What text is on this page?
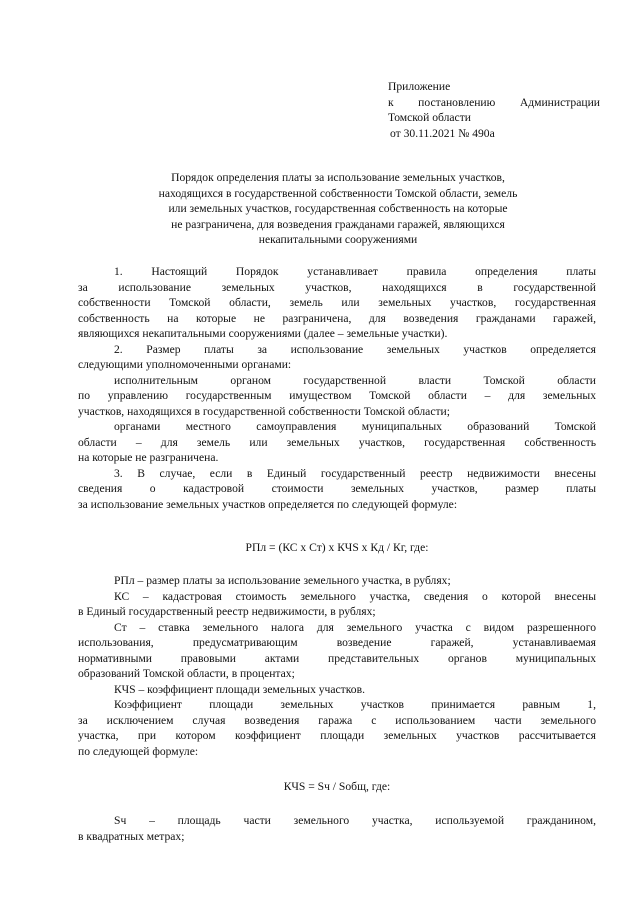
Приложение
к постановлению Администрации
Томской области
от 30.11.2021 № 490а
Порядок определения платы за использование земельных участков,
находящихся в государственной собственности Томской области, земель
или земельных участков, государственная собственность на которые
не разграничена, для возведения гражданами гаражей, являющихся
некапитальными сооружениями
1. Настоящий Порядок устанавливает правила определения платы
за использование земельных участков, находящихся в государственной
собственности Томской области, земель или земельных участков, государственная
собственность на которые не разграничена, для возведения гражданами гаражей,
являющихся некапитальными сооружениями (далее – земельные участки).
2. Размер платы за использование земельных участков определяется
следующими уполномоченными органами:
исполнительным органом государственной власти Томской области
по управлению государственным имуществом Томской области – для земельных
участков, находящихся в государственной собственности Томской области;
органами местного самоуправления муниципальных образований Томской
области – для земель или земельных участков, государственная собственность
на которые не разграничена.
3. В случае, если в Единый государственный реестр недвижимости внесены
сведения о кадастровой стоимости земельных участков, размер платы
за использование земельных участков определяется по следующей формуле:
РПл = (КС х Ст) х КЧS х Кд / Кг, где:
РПл – размер платы за использование земельного участка, в рублях;
КС – кадастровая стоимость земельного участка, сведения о которой внесены
в Единый государственный реестр недвижимости, в рублях;
Ст – ставка земельного налога для земельного участка с видом разрешенного
использования, предусматривающим возведение гаражей, устанавливаемая
нормативными правовыми актами представительных органов муниципальных
образований Томской области, в процентах;
КЧS – коэффициент площади земельных участков.
Коэффициент площади земельных участков принимается равным 1,
за исключением случая возведения гаража с использованием части земельного
участка, при котором коэффициент площади земельных участков рассчитывается
по следующей формуле:
КЧS = Sч / Sобщ, где:
Sч – площадь части земельного участка, используемой гражданином,
в квадратных метрах;
